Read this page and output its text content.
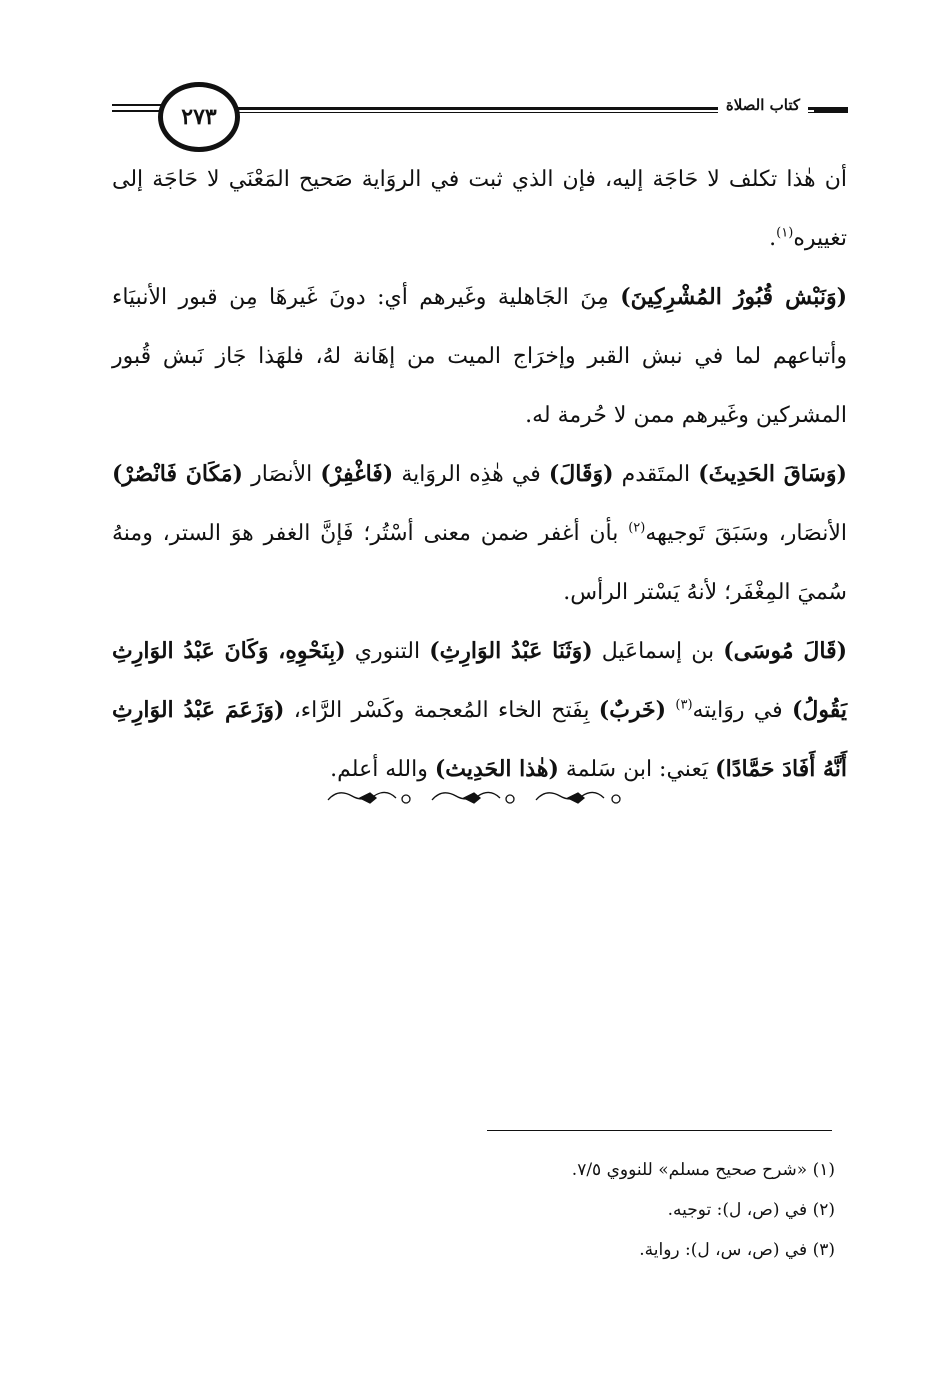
كتاب الصلاة
٢٧٣

أن هٰذا تكلف لا حَاجَة إليه، فإن الذي ثبت في الروَاية صَحيح المَعْنَي لا حَاجَة إلى تغييره$^{(١)}$.

(وَنَبْش قُبُورُ المُشْرِكِينَ) مِنَ الجَاهلية وغَيرهم أي: دونَ غَيرهَا مِن قبور الأنبيَاء وأتباعهم لما في نبش القبر وإخرَاج الميت من إهَانة لهُ، فلهَذا جَاز نَبش قُبور المشركين وغَيرهم ممن لا حُرمة له.

(وَسَاقَ الحَدِيثَ) المتَقدم (وَقَالَ) في هٰذِه الروَاية (فَاغْفِرْ) الأنصَار (مَكَانَ فَانْصُرْ) الأنصَار، وسَبَقَ تَوجيهه$^{(٢)}$ بأن أغفر ضمن معنى أسْتُر؛ فَإنَّ الغفر هوَ الستر، ومنهُ سُميَ المِغْفَر؛ لأنهُ يَسْتر الرأس.

(قَالَ مُوسَى) بن إسماعَيل (وَثَنَا عَبْدُ الوَارِثِ) التنوري (بِنَحْوِهِ، وَكَانَ عَبْدُ الوَارِثِ يَقُولُ) في روَايته$^{(٣)}$ (خَربٌ) بِفَتح الخاء المُعجمة وكَسْر الرَّاء، (وَزَعَمَ عَبْدُ الوَارِثِ أَنَّهُ أَفَادَ حَمَّادًا) يَعني: ابن سَلمة (هٰذا الحَدِيث) والله أعلم.

(١) «شرح صحيح مسلم» للنووي ٧/٥.
(٢) في (ص، ل): توجيه.
(٣) في (ص، س، ل): رواية.
